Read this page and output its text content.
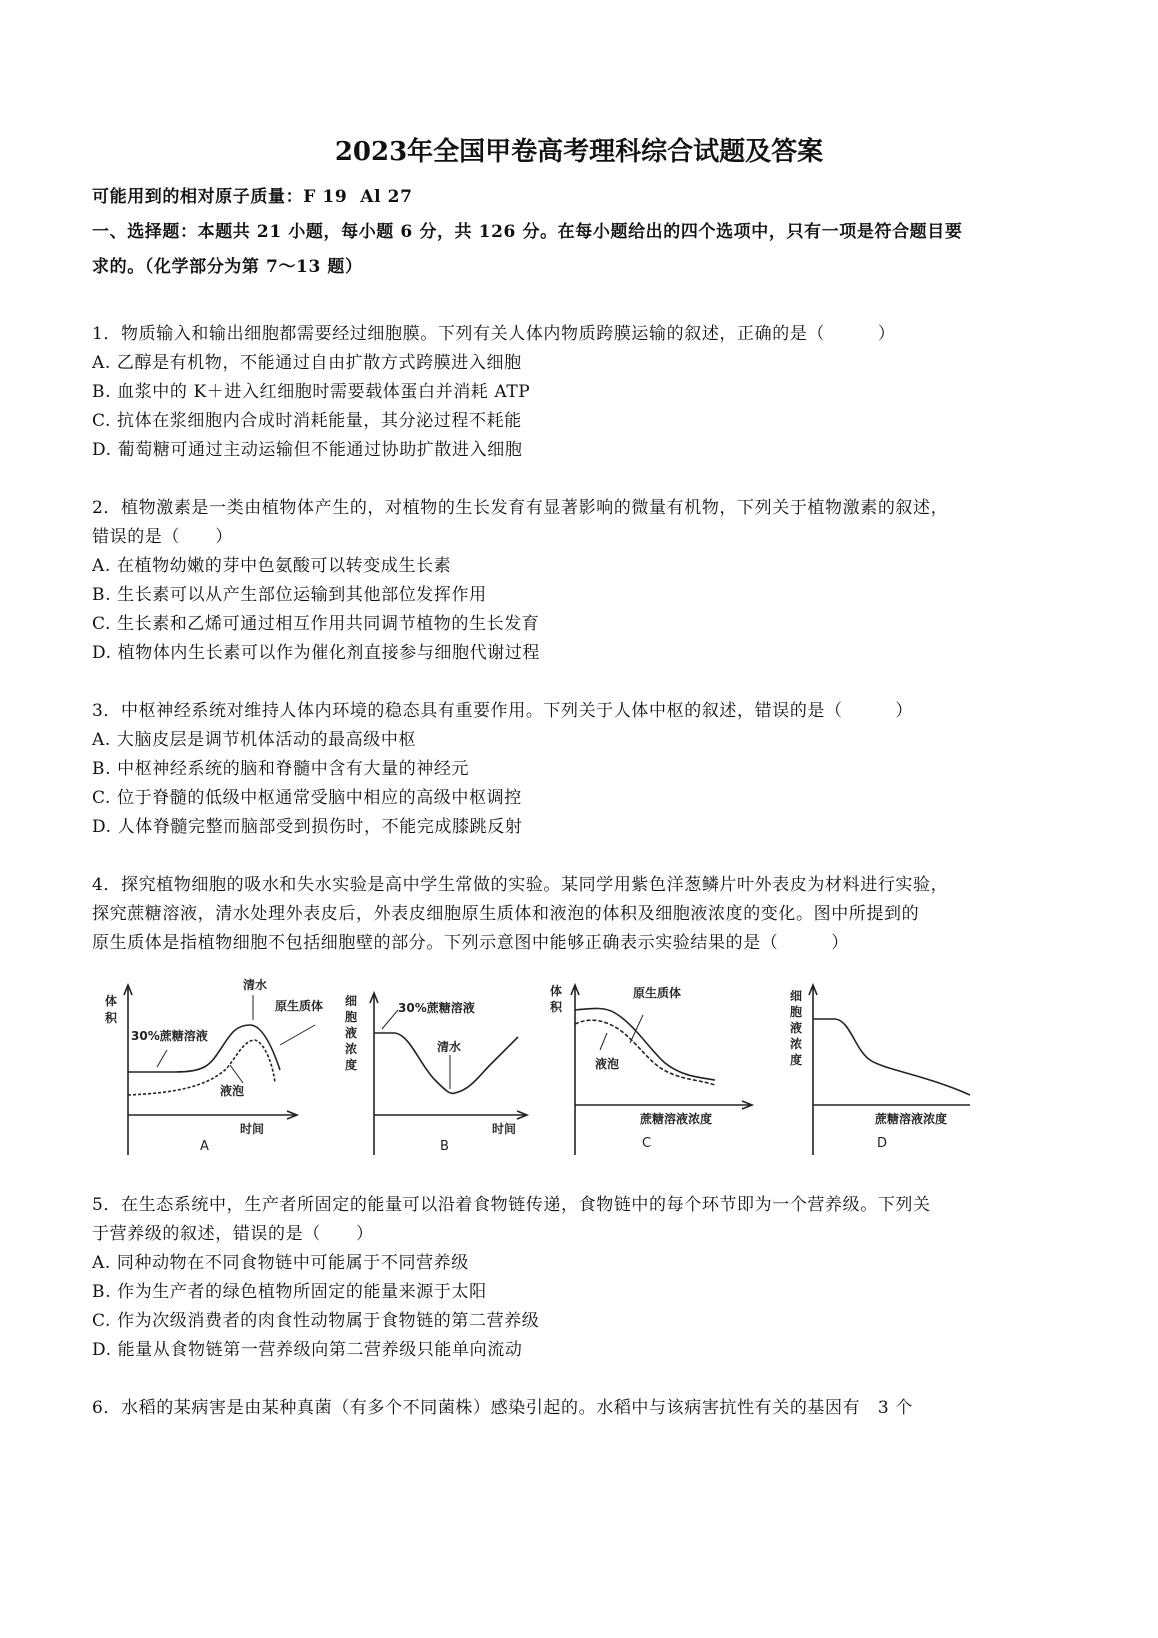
2023年全国甲卷高考理科综合试题及答案
可能用到的相对原子质量：F 19  Al 27
一、选择题：本题共 21 小题，每小题 6 分，共 126 分。在每小题给出的四个选项中，只有一项是符合题目要
求的。（化学部分为第 7～13 题）
1．物质输入和输出细胞都需要经过细胞膜。下列有关人体内物质跨膜运输的叙述，正确的是（　　　）
A. 乙醇是有机物，不能通过自由扩散方式跨膜进入细胞
B. 血浆中的 K＋进入红细胞时需要载体蛋白并消耗 ATP
C. 抗体在浆细胞内合成时消耗能量，其分泌过程不耗能
D. 葡萄糖可通过主动运输但不能通过协助扩散进入细胞
2．植物激素是一类由植物体产生的，对植物的生长发育有显著影响的微量有机物，下列关于植物激素的叙述，
错误的是（　　）
A. 在植物幼嫩的芽中色氨酸可以转变成生长素
B. 生长素可以从产生部位运输到其他部位发挥作用
C. 生长素和乙烯可通过相互作用共同调节植物的生长发育
D. 植物体内生长素可以作为催化剂直接参与细胞代谢过程
3．中枢神经系统对维持人体内环境的稳态具有重要作用。下列关于人体中枢的叙述，错误的是（　　　）
A. 大脑皮层是调节机体活动的最高级中枢
B. 中枢神经系统的脑和脊髓中含有大量的神经元
C. 位于脊髓的低级中枢通常受脑中相应的高级中枢调控
D. 人体脊髓完整而脑部受到损伤时，不能完成膝跳反射
4．探究植物细胞的吸水和失水实验是高中学生常做的实验。某同学用紫色洋葱鳞片叶外表皮为材料进行实验，
探究蔗糖溶液，清水处理外表皮后，外表皮细胞原生质体和液泡的体积及细胞液浓度的变化。图中所提到的
原生质体是指植物细胞不包括细胞壁的部分。下列示意图中能够正确表示实验结果的是（　　　）
体
积
清水
30%蔗糖溶液
原生质体
液泡
时间
A
细
胞
液
浓
度
30%蔗糖溶液
清水
时间
B
体
积
原生质体
液泡
蔗糖溶液浓度
C
细
胞
液
浓
度
蔗糖溶液浓度
D
5．在生态系统中，生产者所固定的能量可以沿着食物链传递，食物链中的每个环节即为一个营养级。下列关
于营养级的叙述，错误的是（　　）
A. 同种动物在不同食物链中可能属于不同营养级
B. 作为生产者的绿色植物所固定的能量来源于太阳
C. 作为次级消费者的肉食性动物属于食物链的第二营养级
D. 能量从食物链第一营养级向第二营养级只能单向流动
6．水稻的某病害是由某种真菌（有多个不同菌株）感染引起的。水稻中与该病害抗性有关的基因有　3 个
